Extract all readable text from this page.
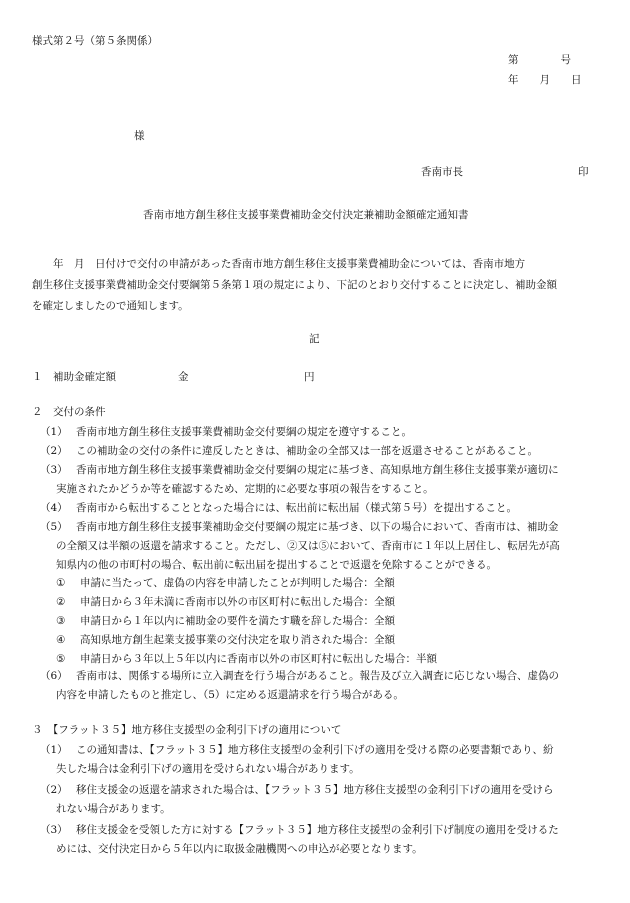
様式第２号（第５条関係）
第　　　　号
年　　月　　日
様
香南市長	印
香南市地方創生移住支援事業費補助金交付決定兼補助金額確定通知書
　　年　月　日付けで交付の申請があった香南市地方創生移住支援事業費補助金については、香南市地方
創生移住支援事業費補助金交付要綱第５条第１項の規定により、下記のとおり交付することに決定し、補助金額
を確定しましたので通知します。
記
１ 補助金確定額	金	円
２　交付の条件
（1） 香南市地方創生移住支援事業費補助金交付要綱の規定を遵守すること。
（2） この補助金の交付の条件に違反したときは、補助金の全部又は一部を返還させることがあること。
（3） 香南市地方創生移住支援事業費補助金交付要綱の規定に基づき、高知県地方創生移住支援事業が適切に
実施されたかどうか等を確認するため、定期的に必要な事項の報告をすること。
（4） 香南市から転出することとなった場合には、転出前に転出届（様式第５号）を提出すること。
（5） 香南市地方創生移住支援事業補助金交付要綱の規定に基づき、以下の場合において、香南市は、補助金
の全額又は半額の返還を請求すること。ただし、②又は⑤において、香南市に１年以上居住し、転居先が高
知県内の他の市町村の場合、転出前に転出届を提出することで返還を免除することができる。
① 申請に当たって、虚偽の内容を申請したことが判明した場合：全額
② 申請日から３年未満に香南市以外の市区町村に転出した場合：全額
③ 申請日から１年以内に補助金の要件を満たす職を辞した場合：全額
④ 高知県地方創生起業支援事業の交付決定を取り消された場合：全額
⑤ 申請日から３年以上５年以内に香南市以外の市区町村に転出した場合：半額
（6） 香南市は、関係する場所に立入調査を行う場合があること。報告及び立入調査に応じない場合、虚偽の
内容を申請したものと推定し、（5）に定める返還請求を行う場合がある。
３　【フラット３５】地方移住支援型の金利引下げの適用について
（1） この通知書は、【フラット３５】地方移住支援型の金利引下げの適用を受ける際の必要書類であり、紛
失した場合は金利引下げの適用を受けられない場合があります。
（2） 移住支援金の返還を請求された場合は、【フラット３５】地方移住支援型の金利引下げの適用を受けら
れない場合があります。
（3） 移住支援金を受領した方に対する【フラット３５】地方移住支援型の金利引下げ制度の適用を受けるた
めには、交付決定日から５年以内に取扱金融機関への申込が必要となります。
